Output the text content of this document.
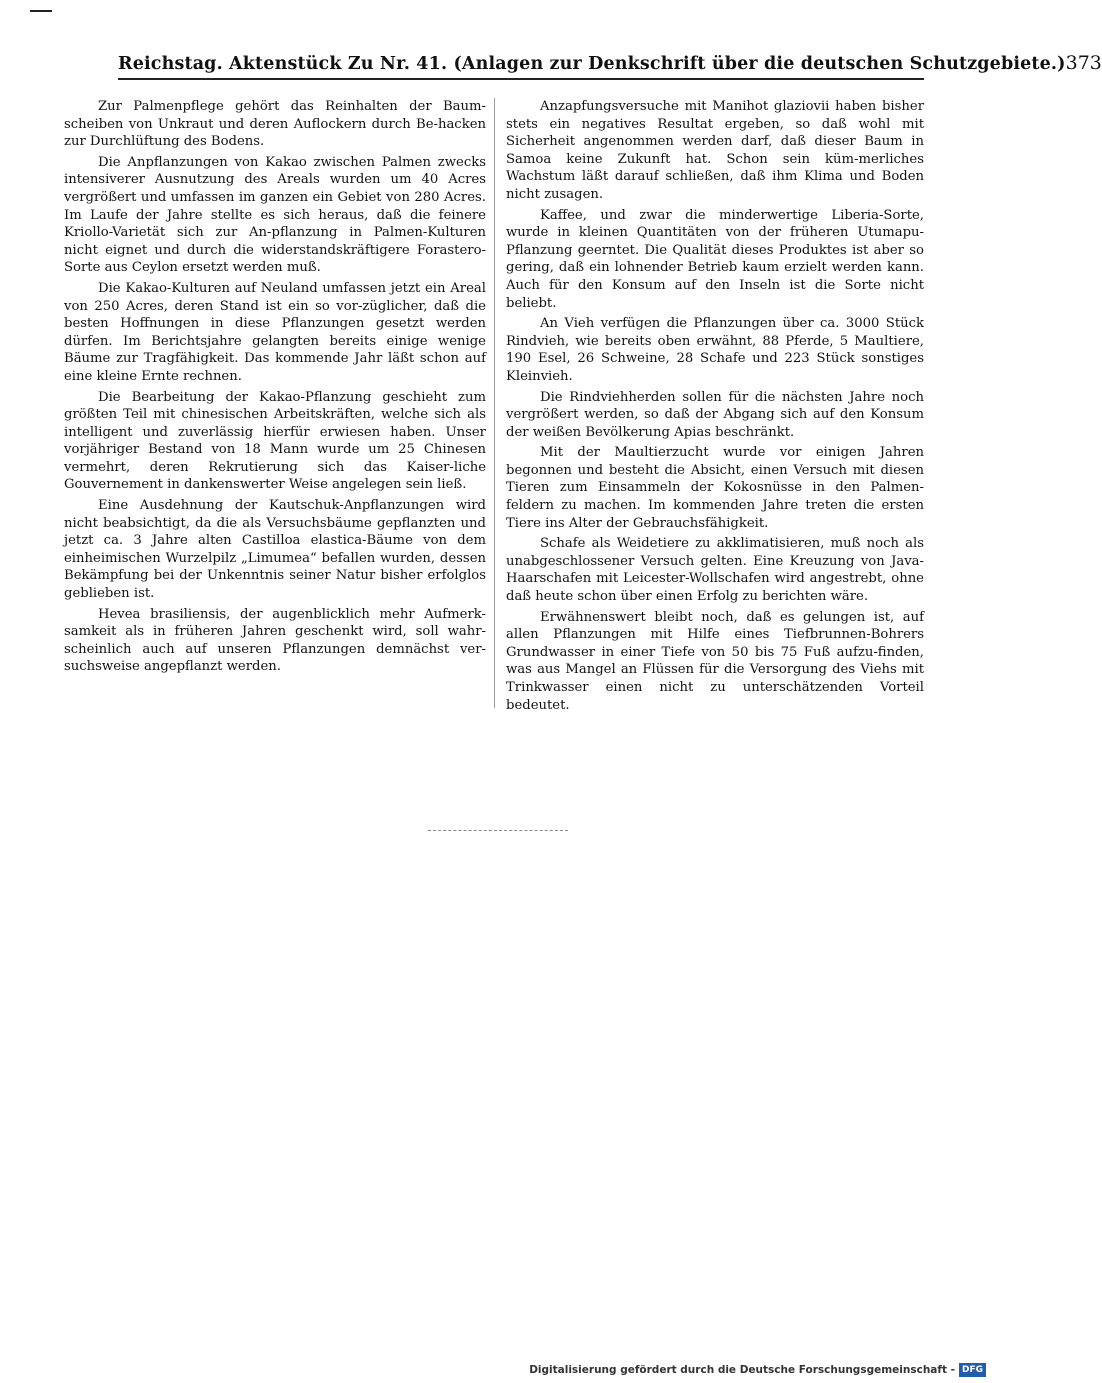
Reichstag. Aktenstück Zu Nr. 41. (Anlagen zur Denkschrift über die deutschen Schutzgebiete.) 373

Zur Palmenpflege gehört das Reinhalten der Baum-scheiben von Unkraut und deren Auflockern durch Be-hacken zur Durchlüftung des Bodens.

Die Anpflanzungen von Kakao zwischen Palmen zwecks intensiverer Ausnutzung des Areals wurden um 40 Acres vergrößert und umfassen im ganzen ein Gebiet von 280 Acres. Im Laufe der Jahre stellte es sich heraus, daß die feinere Kriollo-Varietät sich zur An-pflanzung in Palmen-Kulturen nicht eignet und durch die widerstandskräftigere Forastero-Sorte aus Ceylon ersetzt werden muß.

Die Kakao-Kulturen auf Neuland umfassen jetzt ein Areal von 250 Acres, deren Stand ist ein so vor-züglicher, daß die besten Hoffnungen in diese Pflanzungen gesetzt werden dürfen. Im Berichtsjahre gelangten bereits einige wenige Bäume zur Tragfähigkeit. Das kommende Jahr läßt schon auf eine kleine Ernte rechnen.

Die Bearbeitung der Kakao-Pflanzung geschieht zum größten Teil mit chinesischen Arbeitskräften, welche sich als intelligent und zuverlässig hierfür erwiesen haben. Unser vorjähriger Bestand von 18 Mann wurde um 25 Chinesen vermehrt, deren Rekrutierung sich das Kaiser-liche Gouvernement in dankenswerter Weise angelegen sein ließ.

Eine Ausdehnung der Kautschuk-Anpflanzungen wird nicht beabsichtigt, da die als Versuchsbäume gepflanzten und jetzt ca. 3 Jahre alten Castilloa elastica-Bäume von dem einheimischen Wurzelpilz „Limumea“ befallen wurden, dessen Bekämpfung bei der Unkenntnis seiner Natur bisher erfolglos geblieben ist.

Hevea brasiliensis, der augenblicklich mehr Aufmerk-samkeit als in früheren Jahren geschenkt wird, soll wahr-scheinlich auch auf unseren Pflanzungen demnächst ver-suchsweise angepflanzt werden.

Anzapfungsversuche mit Manihot glaziovii haben bisher stets ein negatives Resultat ergeben, so daß wohl mit Sicherheit angenommen werden darf, daß dieser Baum in Samoa keine Zukunft hat. Schon sein küm-merliches Wachstum läßt darauf schließen, daß ihm Klima und Boden nicht zusagen.

Kaffee, und zwar die minderwertige Liberia-Sorte, wurde in kleinen Quantitäten von der früheren Utumapu-Pflanzung geerntet. Die Qualität dieses Produktes ist aber so gering, daß ein lohnender Betrieb kaum erzielt werden kann. Auch für den Konsum auf den Inseln ist die Sorte nicht beliebt.

An Vieh verfügen die Pflanzungen über ca. 3000 Stück Rindvieh, wie bereits oben erwähnt, 88 Pferde, 5 Maultiere, 190 Esel, 26 Schweine, 28 Schafe und 223 Stück sonstiges Kleinvieh.

Die Rindviehherden sollen für die nächsten Jahre noch vergrößert werden, so daß der Abgang sich auf den Konsum der weißen Bevölkerung Apias beschränkt.

Mit der Maultierzucht wurde vor einigen Jahren begonnen und besteht die Absicht, einen Versuch mit diesen Tieren zum Einsammeln der Kokosnüsse in den Palmen-feldern zu machen. Im kommenden Jahre treten die ersten Tiere ins Alter der Gebrauchsfähigkeit.

Schafe als Weidetiere zu akklimatisieren, muß noch als unabgeschlossener Versuch gelten. Eine Kreuzung von Java-Haarschafen mit Leicester-Wollschafen wird angestrebt, ohne daß heute schon über einen Erfolg zu berichten wäre.

Erwähnenswert bleibt noch, daß es gelungen ist, auf allen Pflanzungen mit Hilfe eines Tiefbrunnen-Bohrers Grundwasser in einer Tiefe von 50 bis 75 Fuß aufzu-finden, was aus Mangel an Flüssen für die Versorgung des Viehs mit Trinkwasser einen nicht zu unterschätzenden Vorteil bedeutet.

Digitalisierung gefördert durch die Deutsche Forschungsgemeinschaft - DFG
